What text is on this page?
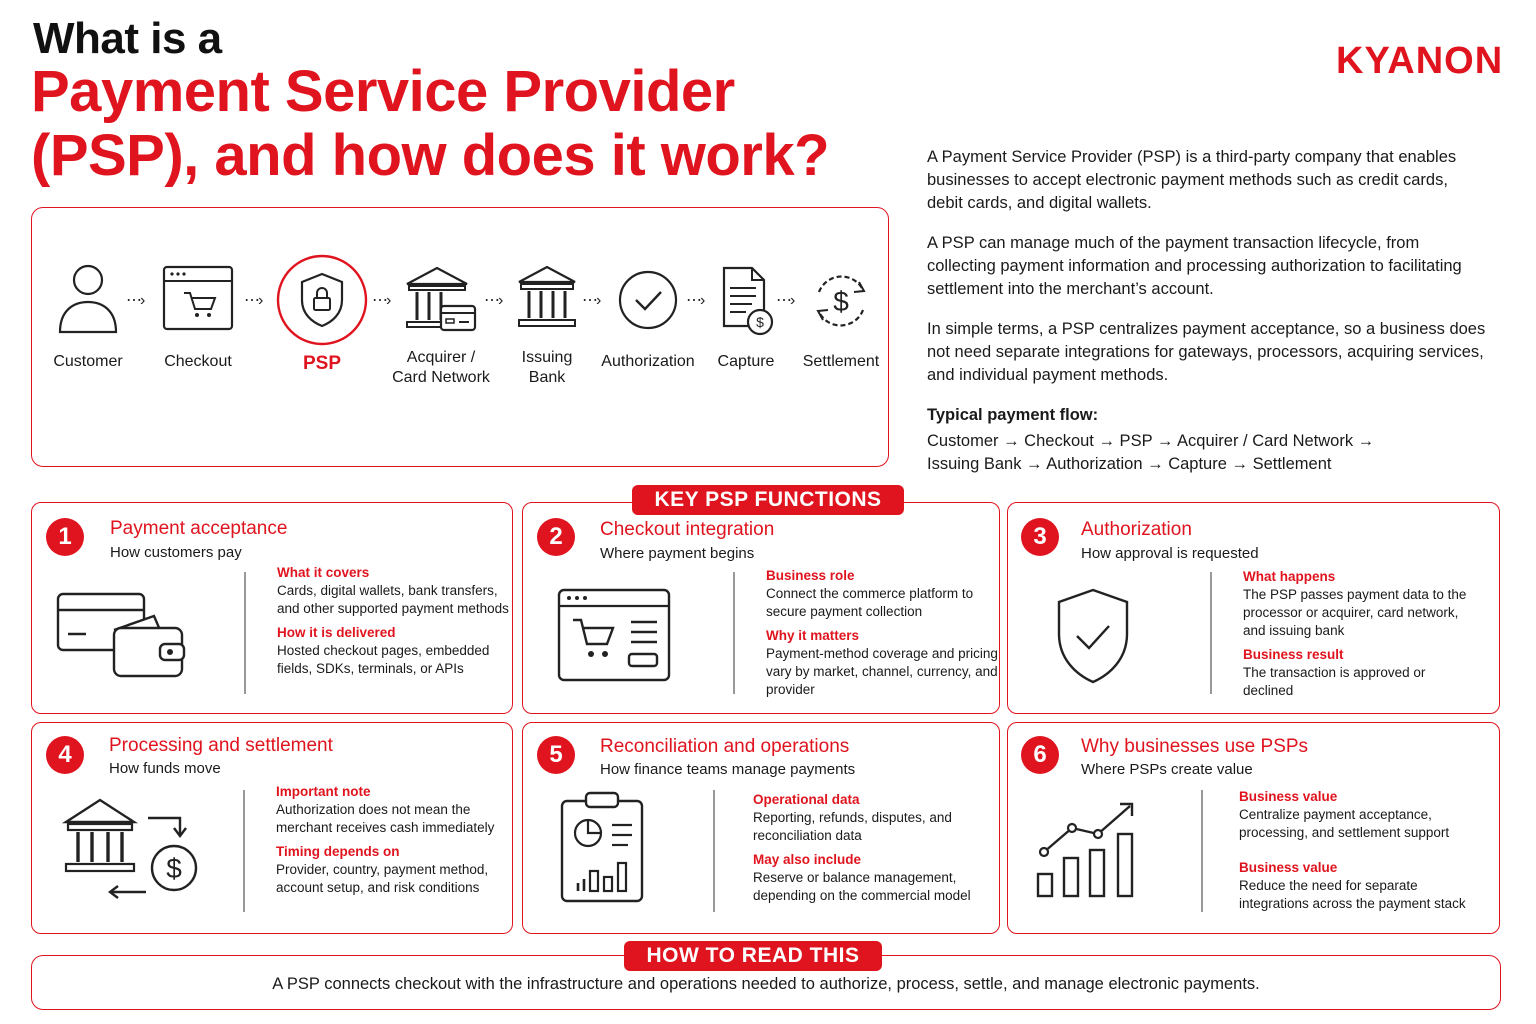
What is a
Payment Service Provider
(PSP), and how does it work?
KYANON

A Payment Service Provider (PSP) is a third-party company that enables businesses to accept electronic payment methods such as credit cards, debit cards, and digital wallets.

A PSP can manage much of the payment transaction lifecycle, from collecting payment information and processing authorization to facilitating settlement into the merchant’s account.

In simple terms, a PSP centralizes payment acceptance, so a business does not need separate integrations for gateways, processors, acquiring services, and individual payment methods.

Typical payment flow:
Customer → Checkout → PSP → Acquirer / Card Network →
Issuing Bank → Authorization → Capture → Settlement
Customer
⋯›
Checkout
⋯›
PSP
⋯›
Acquirer /
Card Network
⋯›
Issuing
Bank
⋯›
Authorization
⋯›
$
Capture
⋯› $
Settlement
KEY PSP FUNCTIONS
1	Payment acceptance
How customers pay
What it covers
Cards, digital wallets, bank transfers, and other supported payment methods
How it is delivered
Hosted checkout pages, embedded fields, SDKs, terminals, or APIs
2	Checkout integration
Where payment begins
Business role
Connect the commerce platform to secure payment collection
Why it matters
Payment-method coverage and pricing vary by market, channel, currency, and provider
3	Authorization
How approval is requested
What happens
The PSP passes payment data to the processor or acquirer, card network, and issuing bank
Business result
The transaction is approved or declined
4	Processing and settlement
How funds move
$
Important note
Authorization does not mean the merchant receives cash immediately
Timing depends on
Provider, country, payment method, account setup, and risk conditions
5	Reconciliation and operations
How finance teams manage payments
Operational data
Reporting, refunds, disputes, and reconciliation data
May also include
Reserve or balance management, depending on the commercial model
6	Why businesses use PSPs
Where PSPs create value
Business value
Centralize payment acceptance, processing, and settlement support
Business value
Reduce the need for separate integrations across the payment stack
HOW TO READ THIS
A PSP connects checkout with the infrastructure and operations needed to authorize, process, settle, and manage electronic payments.
